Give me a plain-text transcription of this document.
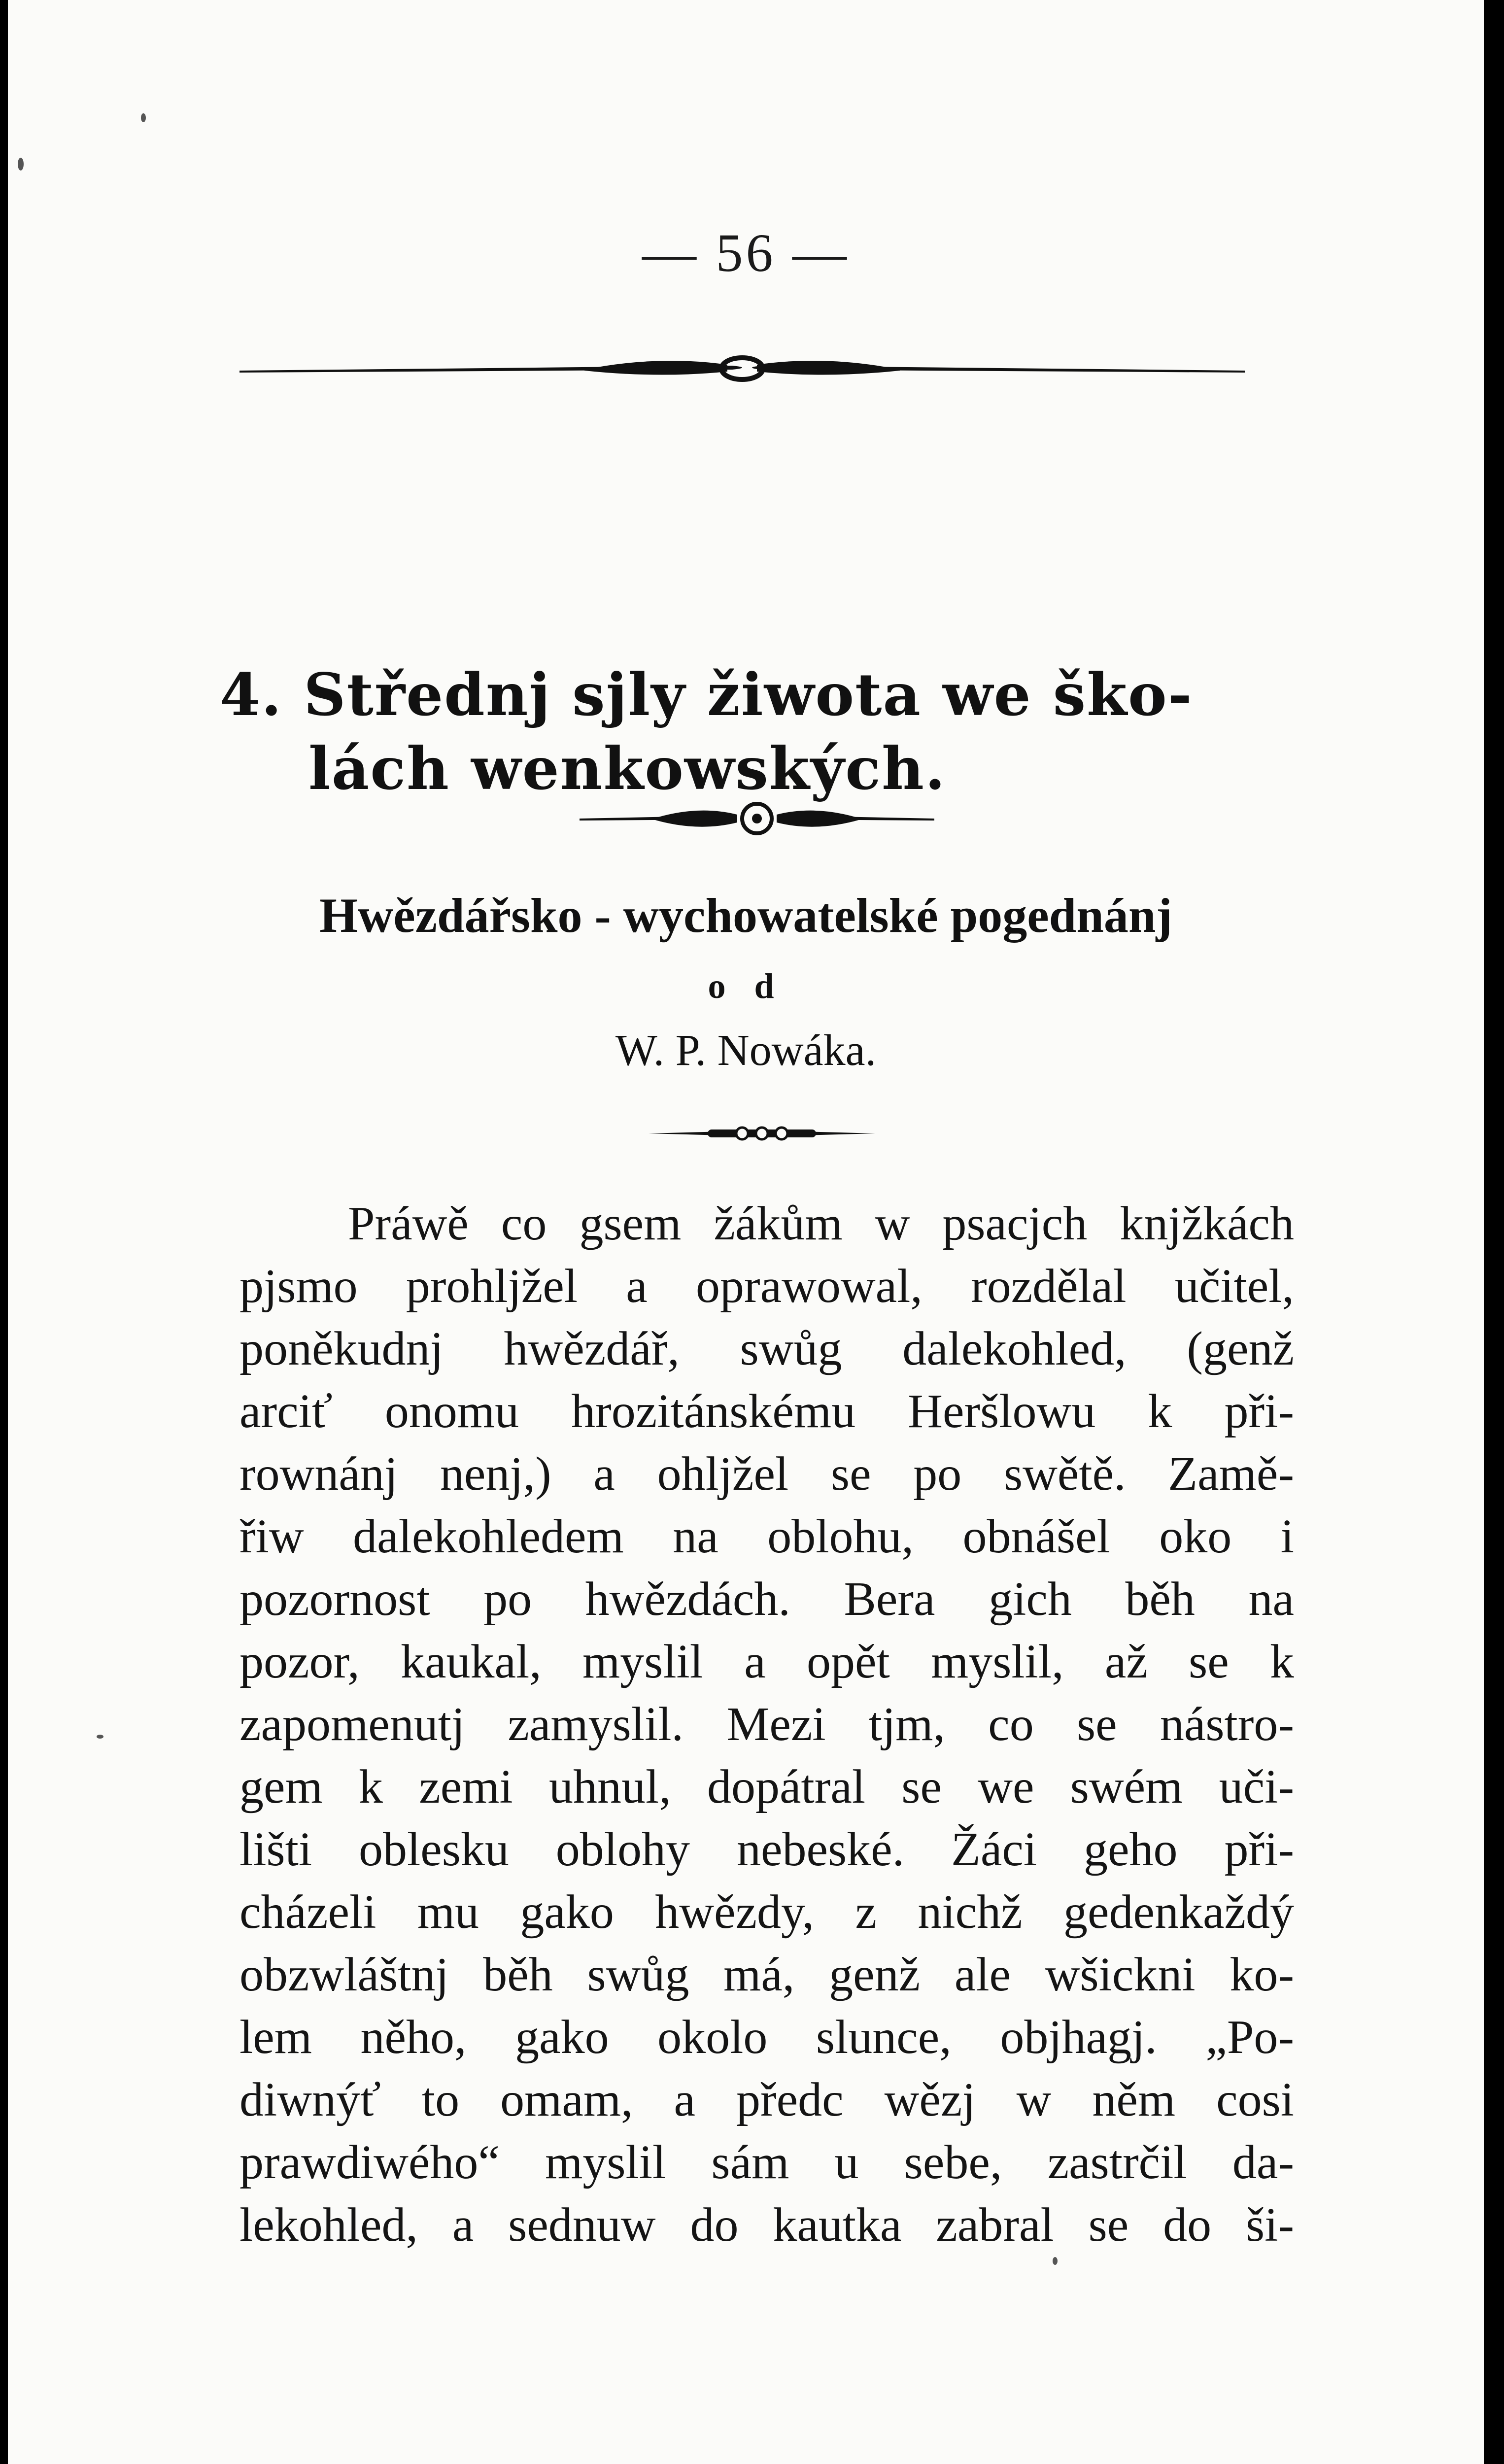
— 56 —
4. Střednj sjly žiwota we ško-
lách wenkowských.
Hwězdářsko - wychowatelské pogednánj
o d
W. P. Nowáka.
Práwě co gsem žákům w psacjch knjžkách
pjsmo prohljžel a oprawowal, rozdělal učitel,
poněkudnj hwězdář, swůg dalekohled, (genž
arciť onomu hrozitánskému Heršlowu k při-
rownánj nenj,) a ohljžel se po swětě. Zamě-
řiw dalekohledem na oblohu, obnášel oko i
pozornost po hwězdách. Bera gich běh na
pozor, kaukal, myslil a opět myslil, až se k
zapomenutj zamyslil. Mezi tjm, co se nástro-
gem k zemi uhnul, dopátral se we swém uči-
lišti oblesku oblohy nebeské. Žáci geho při-
cházeli mu gako hwězdy, z nichž gedenkaždý
obzwláštnj běh swůg má, genž ale wšickni ko-
lem něho, gako okolo slunce, objhagj. „Po-
diwnýť to omam, a předc wězj w něm cosi
prawdiwého“ myslil sám u sebe, zastrčil da-
lekohled, a sednuw do kautka zabral se do ši-
